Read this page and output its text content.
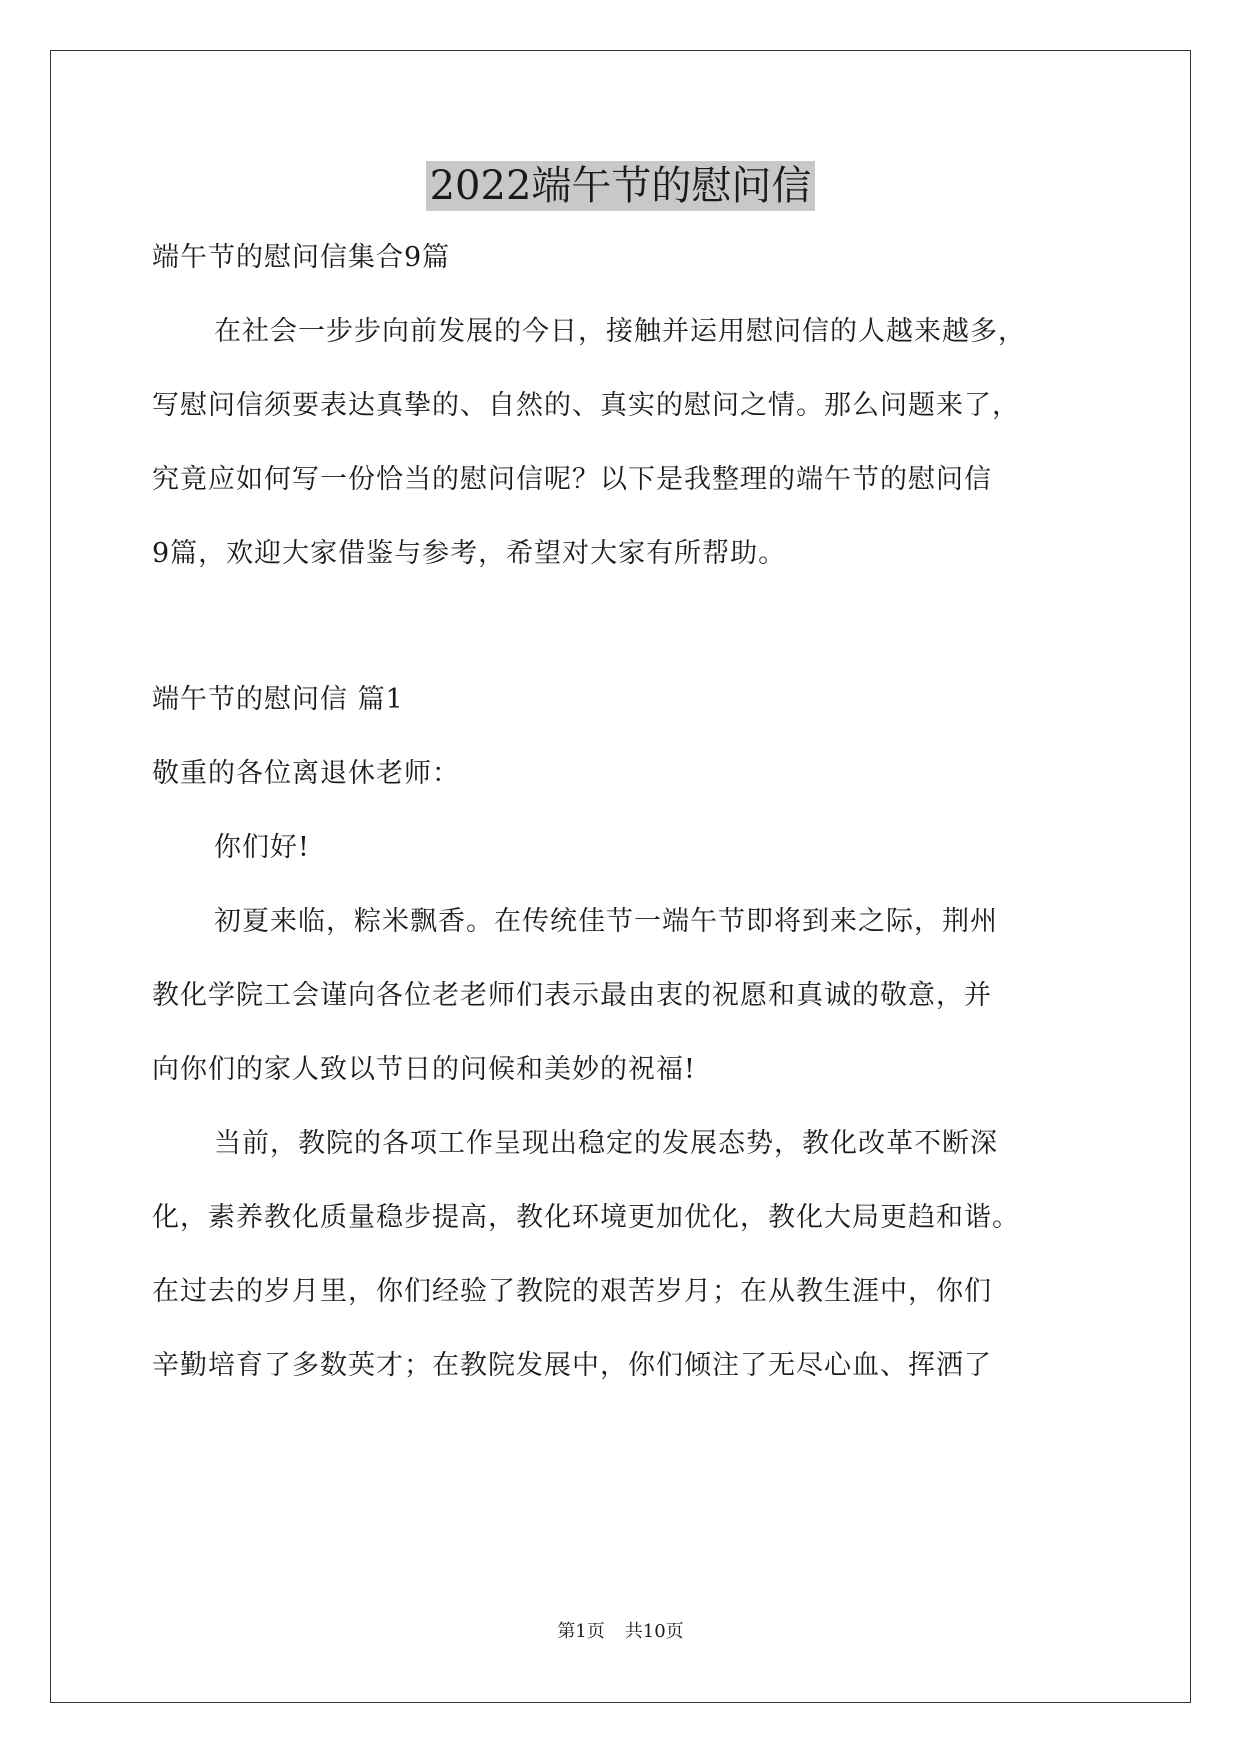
2022端午节的慰问信

端午节的慰问信集合9篇

在社会一步步向前发展的今日，接触并运用慰问信的人越来越多，

写慰问信须要表达真挚的、自然的、真实的慰问之情。那么问题来了，

究竟应如何写一份恰当的慰问信呢？以下是我整理的端午节的慰问信

9篇，欢迎大家借鉴与参考，希望对大家有所帮助。

端午节的慰问信 篇1

敬重的各位离退休老师：

你们好!

初夏来临，粽米飘香。在传统佳节一端午节即将到来之际，荆州

教化学院工会谨向各位老老师们表示最由衷的祝愿和真诚的敬意，并

向你们的家人致以节日的问候和美妙的祝福!

当前，教院的各项工作呈现出稳定的发展态势，教化改革不断深

化，素养教化质量稳步提高，教化环境更加优化，教化大局更趋和谐。

在过去的岁月里，你们经验了教院的艰苦岁月；在从教生涯中，你们

辛勤培育了多数英才；在教院发展中，你们倾注了无尽心血、挥洒了

第1页 共10页
